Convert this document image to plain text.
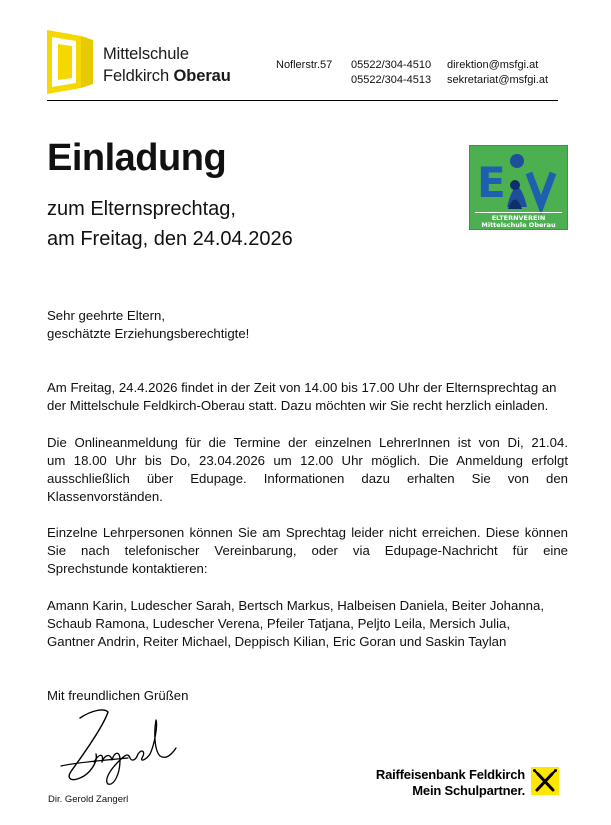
Mittelschule
Feldkirch Oberau
Noflerstr.57 05522/304-4510 direktion@msfgi.at
05522/304-4513 sekretariat@msfgi.at
Einladung
zum Elternsprechtag,
am Freitag, den 24.04.2026
E
ELTERNVEREIN
Mittelschule Oberau
Sehr geehrte Eltern,
geschätzte Erziehungsberechtigte!
Am Freitag, 24.4.2026 findet in der Zeit von 14.00 bis 17.00 Uhr der Elternsprechtag an
der Mittelschule Feldkirch-Oberau statt. Dazu möchten wir Sie recht herzlich einladen.
Die Onlineanmeldung für die Termine der einzelnen LehrerInnen ist von Di, 21.04.
um 18.00 Uhr bis Do, 23.04.2026 um 12.00 Uhr möglich. Die Anmeldung erfolgt
ausschließlich über Edupage. Informationen dazu erhalten Sie von den
Klassenvorständen.
Einzelne Lehrpersonen können Sie am Sprechtag leider nicht erreichen. Diese können
Sie nach telefonischer Vereinbarung, oder via Edupage-Nachricht für eine
Sprechstunde kontaktieren:
Amann Karin, Ludescher Sarah, Bertsch Markus, Halbeisen Daniela, Beiter Johanna,
Schaub Ramona, Ludescher Verena, Pfeiler Tatjana, Peljto Leila, Mersich Julia,
Gantner Andrin, Reiter Michael, Deppisch Kilian, Eric Goran und Saskin Taylan
Mit freundlichen Grüßen
Dir. Gerold Zangerl
Raiffeisenbank Feldkirch
Mein Schulpartner.
